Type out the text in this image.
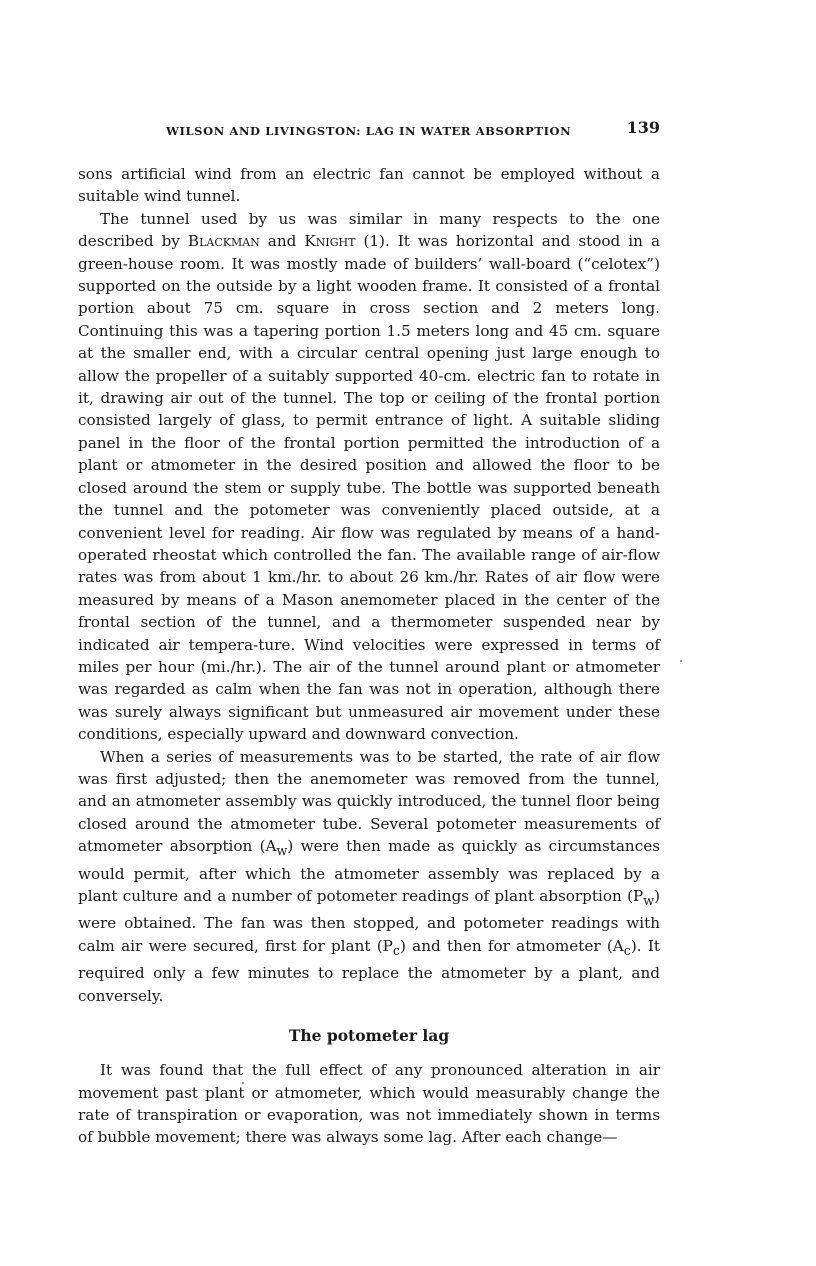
WILSON AND LIVINGSTON: LAG IN WATER ABSORPTION	139

sons artificial wind from an electric fan cannot be employed without a suitable wind tunnel.

The tunnel used by us was similar in many respects to the one described by Blackman and Knight (1). It was horizontal and stood in a green-house room. It was mostly made of builders’ wall-board (“celotex”) supported on the outside by a light wooden frame. It consisted of a frontal portion about 75 cm. square in cross section and 2 meters long. Continuing this was a tapering portion 1.5 meters long and 45 cm. square at the smaller end, with a circular central opening just large enough to allow the propeller of a suitably supported 40-cm. electric fan to rotate in it, drawing air out of the tunnel. The top or ceiling of the frontal portion consisted largely of glass, to permit entrance of light. A suitable sliding panel in the floor of the frontal portion permitted the introduction of a plant or atmometer in the desired position and allowed the floor to be closed around the stem or supply tube. The bottle was supported beneath the tunnel and the potometer was conveniently placed outside, at a convenient level for reading. Air flow was regulated by means of a hand-operated rheostat which controlled the fan. The available range of air-flow rates was from about 1 km./hr. to about 26 km./hr. Rates of air flow were measured by means of a Mason anemometer placed in the center of the frontal section of the tunnel, and a thermometer suspended near by indicated air tempera-ture. Wind velocities were expressed in terms of miles per hour (mi./hr.). The air of the tunnel around plant or atmometer was regarded as calm when the fan was not in operation, although there was surely always significant but unmeasured air movement under these conditions, especially upward and downward convection.

When a series of measurements was to be started, the rate of air flow was first adjusted; then the anemometer was removed from the tunnel, and an atmometer assembly was quickly introduced, the tunnel floor being closed around the atmometer tube. Several potometer measurements of atmometer absorption $(A_w)$ were then made as quickly as circumstances would permit, after which the atmometer assembly was replaced by a plant culture and a number of potometer readings of plant absorption $(P_w)$ were obtained. The fan was then stopped, and potometer readings with calm air were secured, first for plant $(P_c)$ and then for atmometer $(A_c)$. It required only a few minutes to replace the atmometer by a plant, and conversely.

The potometer lag

It was found that the full effect of any pronounced alteration in air movement past plant or atmometer, which would measurably change the rate of transpiration or evaporation, was not immediately shown in terms of bubble movement; there was always some lag. After each change—
